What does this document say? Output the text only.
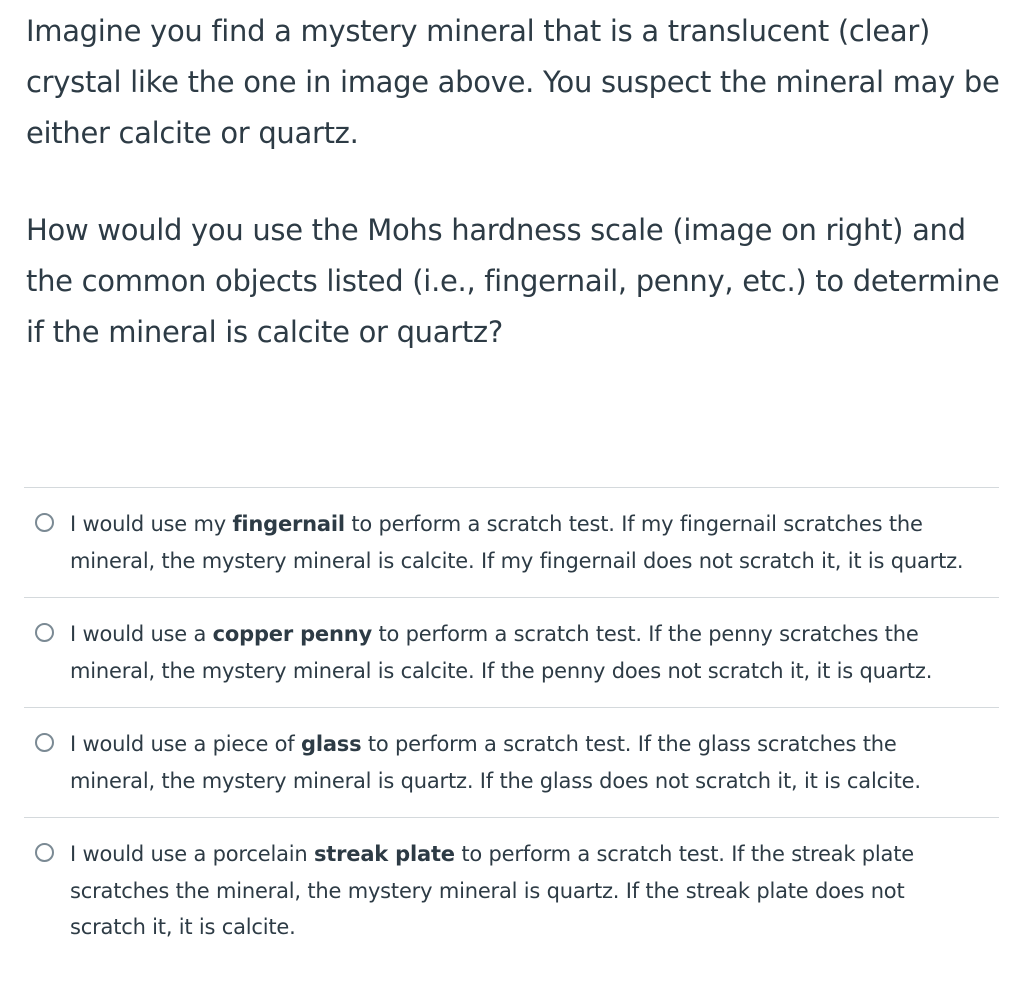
Imagine you find a mystery mineral that is a translucent (clear) crystal like the one in image above. You suspect the mineral may be either calcite or quartz.

How would you use the Mohs hardness scale (image on right) and the common objects listed (i.e., fingernail, penny, etc.) to determine if the mineral is calcite or quartz?

I would use my fingernail to perform a scratch test. If my fingernail scratches the mineral, the mystery mineral is calcite. If my fingernail does not scratch it, it is quartz.
I would use a copper penny to perform a scratch test. If the penny scratches the mineral, the mystery mineral is calcite. If the penny does not scratch it, it is quartz.
I would use a piece of glass to perform a scratch test. If the glass scratches the mineral, the mystery mineral is quartz. If the glass does not scratch it, it is calcite.
I would use a porcelain streak plate to perform a scratch test. If the streak plate scratches the mineral, the mystery mineral is quartz. If the streak plate does not scratch it, it is calcite.
